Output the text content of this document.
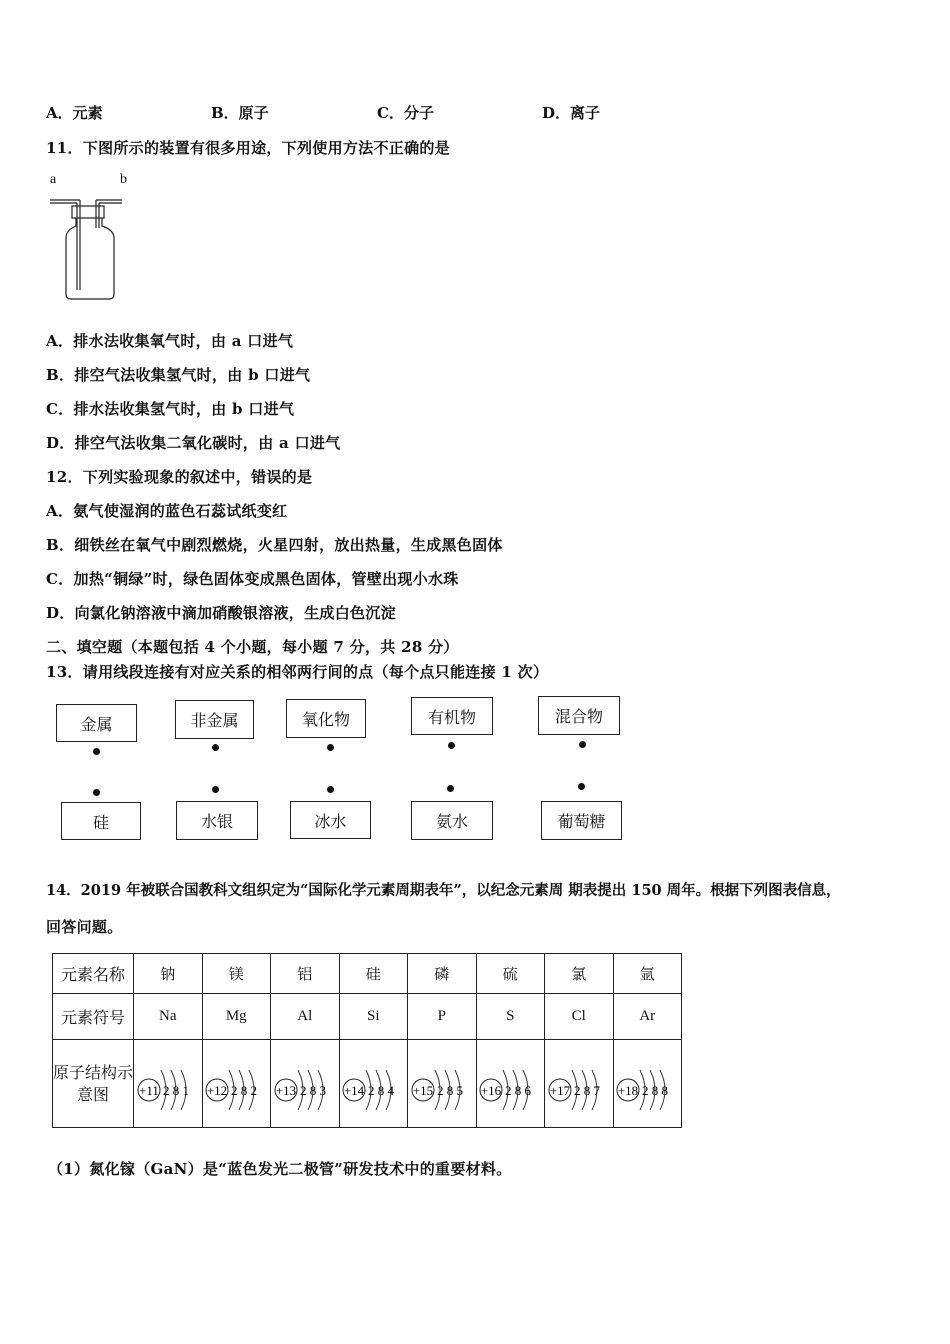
A．元素	B．原子	C．分子	D．离子
11．下图所示的装置有很多用途，下列使用方法不正确的是
a	b
A．排水法收集氧气时，由 a 口进气
B．排空气法收集氢气时，由 b 口进气
C．排水法收集氢气时，由 b 口进气
D．排空气法收集二氧化碳时，由 a 口进气
12．下列实验现象的叙述中，错误的是
A．氨气使湿润的蓝色石蕊试纸变红
B．细铁丝在氧气中剧烈燃烧，火星四射，放出热量，生成黑色固体
C．加热“铜绿”时，绿色固体变成黑色固体，管壁出现小水珠
D．向氯化钠溶液中滴加硝酸银溶液，生成白色沉淀
二、填空题（本题包括 4 个小题，每小题 7 分，共 28 分）
13．请用线段连接有对应关系的相邻两行间的点（每个点只能连接 1 次）
金属	非金属	氧化物	有机物	混合物
硅	水银	冰水	氨水	葡萄糖
14．2019 年被联合国教科文组织定为“国际化学元素周期表年”，以纪念元素周 期表提出 150 周年。根据下列图表信息，
回答问题。
元素名称	钠	镁	铝	硅	磷	硫	氯	氩
元素符号	Na	Mg	Al	Si	P	S	Cl	Ar
原子结构示意图	+11 2 8 1	+12 2 8 2	+13 2 8 3	+14 2 8 4	+15 2 8 5	+16 2 8 6	+17 2 8 7	+18 2 8 8
（1）氮化镓（GaN）是“蓝色发光二极管”研发技术中的重要材料。
